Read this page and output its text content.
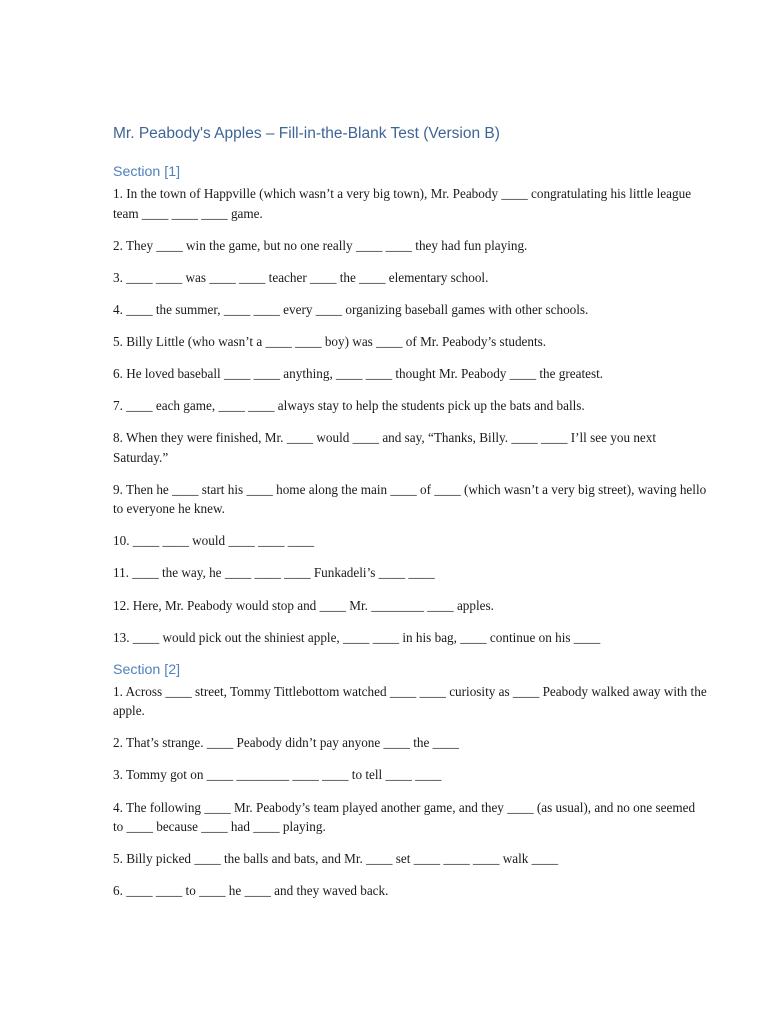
Mr. Peabody's Apples – Fill-in-the-Blank Test (Version B)
Section [1]

1. In the town of Happville (which wasn’t a very big town), Mr. Peabody ____ congratulating his little league team ____ ____ ____ game.

2. They ____ win the game, but no one really ____ ____ they had fun playing.

3. ____ ____ was ____ ____ teacher ____ the ____ elementary school.

4. ____ the summer, ____ ____ every ____ organizing baseball games with other schools.

5. Billy Little (who wasn’t a ____ ____ boy) was ____ of Mr. Peabody’s students.

6. He loved baseball ____ ____ anything, ____ ____ thought Mr. Peabody ____ the greatest.

7. ____ each game, ____ ____ always stay to help the students pick up the bats and balls.

8. When they were finished, Mr. ____ would ____ and say, “Thanks, Billy. ____ ____ I’ll see you next Saturday.”

9. Then he ____ start his ____ home along the main ____ of ____ (which wasn’t a very big street), waving hello to everyone he knew.

10. ____ ____ would ____ ____ ____

11. ____ the way, he ____ ____ ____ Funkadeli’s ____ ____

12. Here, Mr. Peabody would stop and ____ Mr. ________ ____ apples.

13. ____ would pick out the shiniest apple, ____ ____ in his bag, ____ continue on his ____

Section [2]

1. Across ____ street, Tommy Tittlebottom watched ____ ____ curiosity as ____ Peabody walked away with the apple.

2. That’s strange. ____ Peabody didn’t pay anyone ____ the ____

3. Tommy got on ____ ________ ____ ____ to tell ____ ____

4. The following ____ Mr. Peabody’s team played another game, and they ____ (as usual), and no one seemed to ____ because ____ had ____ playing.

5. Billy picked ____ the balls and bats, and Mr. ____ set ____ ____ ____ walk ____

6. ____ ____ to ____ he ____ and they waved back.
